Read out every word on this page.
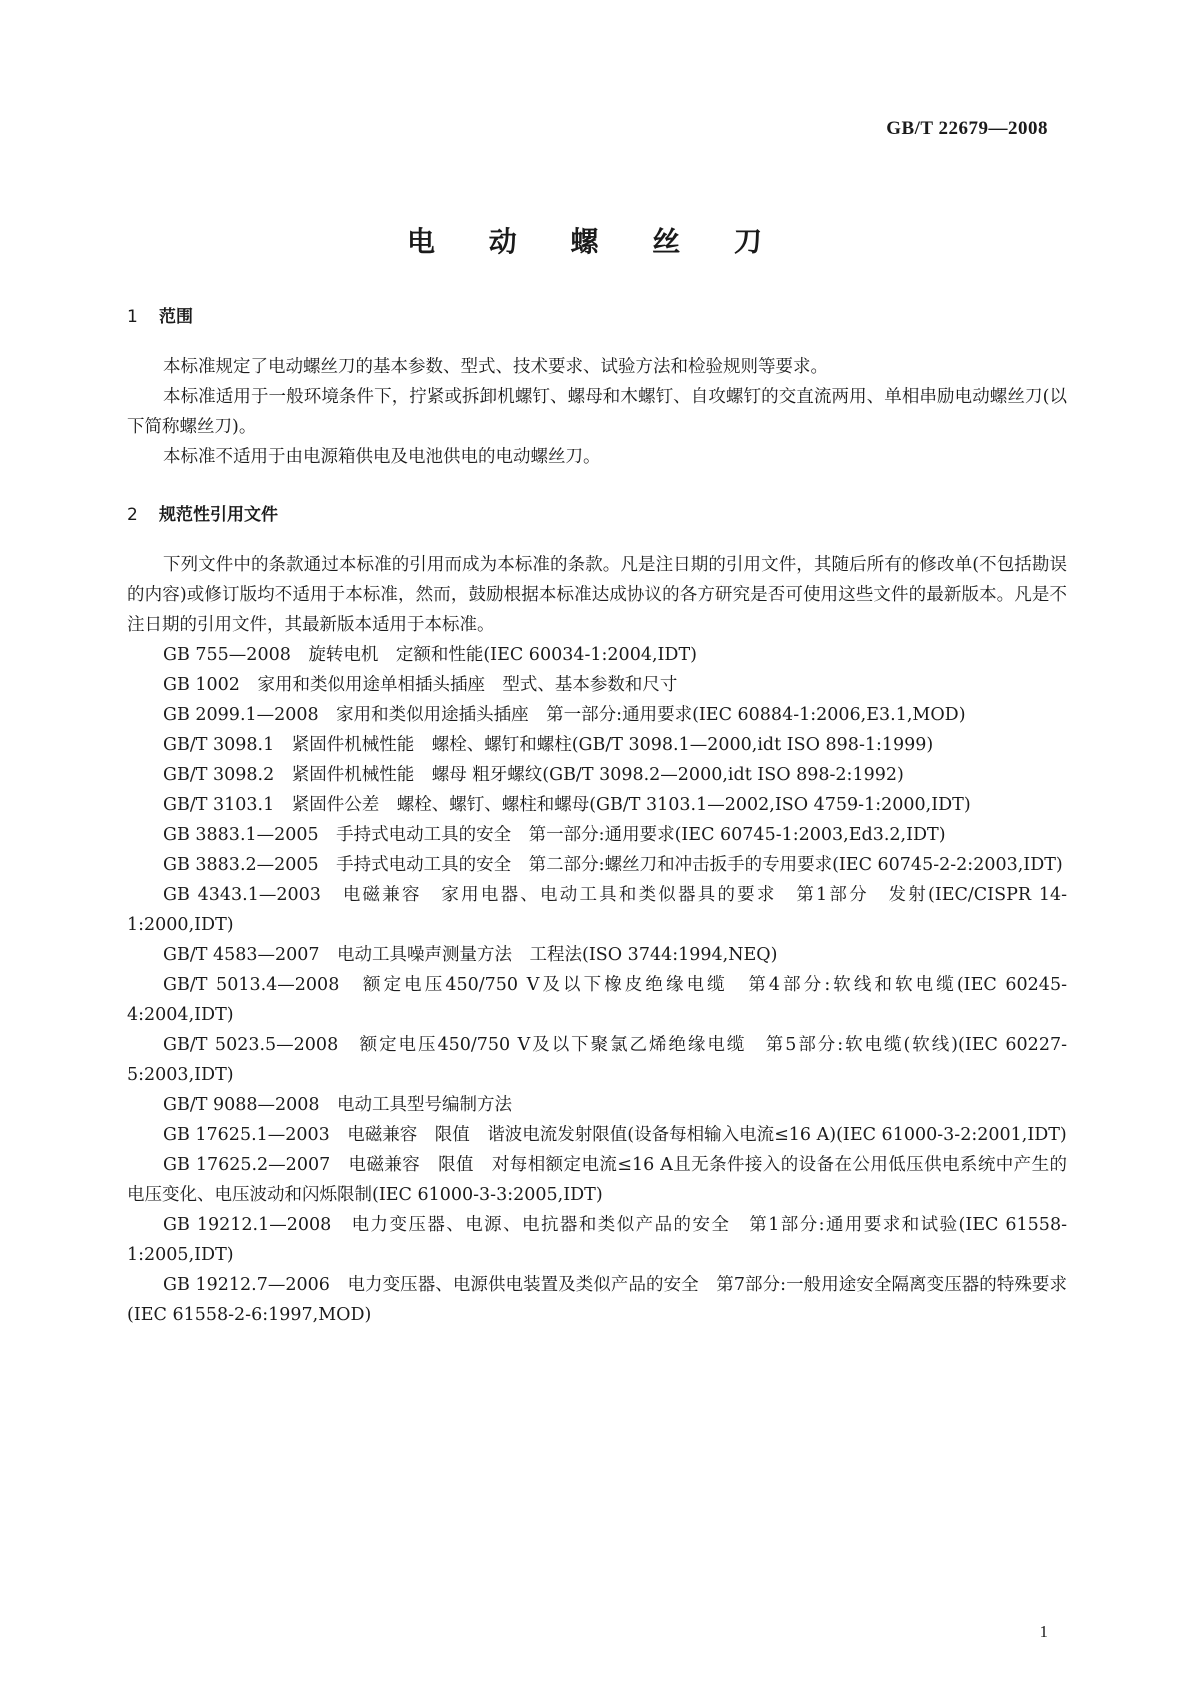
GB/T 22679—2008
电 动 螺 丝 刀
1 范围

本标准规定了电动螺丝刀的基本参数、型式、技术要求、试验方法和检验规则等要求。

本标准适用于一般环境条件下，拧紧或拆卸机螺钉、螺母和木螺钉、自攻螺钉的交直流两用、单相串励电动螺丝刀(以下简称螺丝刀)。

本标准不适用于由电源箱供电及电池供电的电动螺丝刀。

2 规范性引用文件

下列文件中的条款通过本标准的引用而成为本标准的条款。凡是注日期的引用文件，其随后所有的修改单(不包括勘误的内容)或修订版均不适用于本标准，然而，鼓励根据本标准达成协议的各方研究是否可使用这些文件的最新版本。凡是不注日期的引用文件，其最新版本适用于本标准。

GB 755—2008　旋转电机　定额和性能(IEC 60034-1:2004,IDT)

GB 1002　家用和类似用途单相插头插座　型式、基本参数和尺寸

GB 2099.1—2008　家用和类似用途插头插座　第一部分:通用要求(IEC 60884-1:2006,E3.1,MOD)

GB/T 3098.1　紧固件机械性能　螺栓、螺钉和螺柱(GB/T 3098.1—2000,idt ISO 898-1:1999)

GB/T 3098.2　紧固件机械性能　螺母 粗牙螺纹(GB/T 3098.2—2000,idt ISO 898-2:1992)

GB/T 3103.1　紧固件公差　螺栓、螺钉、螺柱和螺母(GB/T 3103.1—2002,ISO 4759-1:2000,IDT)

GB 3883.1—2005　手持式电动工具的安全　第一部分:通用要求(IEC 60745-1:2003,Ed3.2,IDT)

GB 3883.2—2005　手持式电动工具的安全　第二部分:螺丝刀和冲击扳手的专用要求(IEC 60745-2-2:2003,IDT)

GB 4343.1—2003　电磁兼容　家用电器、电动工具和类似器具的要求　第1部分　发射(IEC/CISPR 14-1:2000,IDT)

GB/T 4583—2007　电动工具噪声测量方法　工程法(ISO 3744:1994,NEQ)

GB/T 5013.4—2008　额定电压450/750 V及以下橡皮绝缘电缆　第4部分:软线和软电缆(IEC 60245-4:2004,IDT)

GB/T 5023.5—2008　额定电压450/750 V及以下聚氯乙烯绝缘电缆　第5部分:软电缆(软线)(IEC 60227-5:2003,IDT)

GB/T 9088—2008　电动工具型号编制方法

GB 17625.1—2003　电磁兼容　限值　谐波电流发射限值(设备每相输入电流≤16 A)(IEC 61000-3-2:2001,IDT)

GB 17625.2—2007　电磁兼容　限值　对每相额定电流≤16 A且无条件接入的设备在公用低压供电系统中产生的电压变化、电压波动和闪烁限制(IEC 61000-3-3:2005,IDT)

GB 19212.1—2008　电力变压器、电源、电抗器和类似产品的安全　第1部分:通用要求和试验(IEC 61558-1:2005,IDT)

GB 19212.7—2006　电力变压器、电源供电装置及类似产品的安全　第7部分:一般用途安全隔离变压器的特殊要求(IEC 61558-2-6:1997,MOD)

1
